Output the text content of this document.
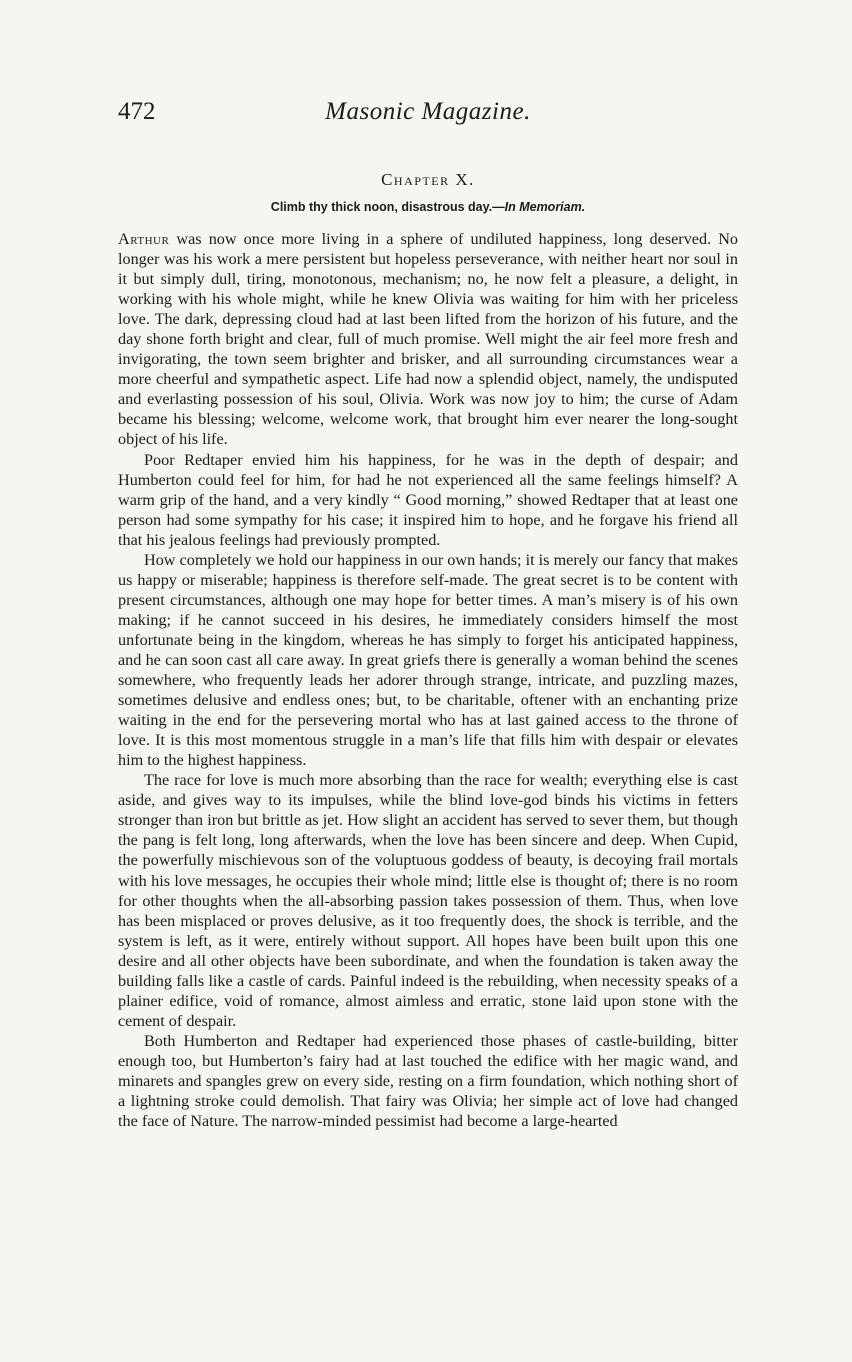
472	Masonic Magazine.
Chapter X.
Climb thy thick noon, disastrous day.—In Memoriam.

Arthur was now once more living in a sphere of undiluted happiness, long deserved. No longer was his work a mere persistent but hopeless perseverance, with neither heart nor soul in it but simply dull, tiring, monotonous, mechanism; no, he now felt a pleasure, a delight, in working with his whole might, while he knew Olivia was waiting for him with her priceless love. The dark, depressing cloud had at last been lifted from the horizon of his future, and the day shone forth bright and clear, full of much promise. Well might the air feel more fresh and invigorating, the town seem brighter and brisker, and all surrounding circumstances wear a more cheerful and sympathetic aspect. Life had now a splendid object, namely, the undisputed and everlasting possession of his soul, Olivia. Work was now joy to him; the curse of Adam became his blessing; welcome, welcome work, that brought him ever nearer the long-sought object of his life.

Poor Redtaper envied him his happiness, for he was in the depth of despair; and Humberton could feel for him, for had he not experienced all the same feelings himself? A warm grip of the hand, and a very kindly “ Good morning,” showed Redtaper that at least one person had some sympathy for his case; it inspired him to hope, and he forgave his friend all that his jealous feelings had previously prompted.

How completely we hold our happiness in our own hands; it is merely our fancy that makes us happy or miserable; happiness is therefore self-made. The great secret is to be content with present circumstances, although one may hope for better times. A man’s misery is of his own making; if he cannot succeed in his desires, he immediately considers himself the most unfortunate being in the kingdom, whereas he has simply to forget his anticipated happiness, and he can soon cast all care away. In great griefs there is generally a woman behind the scenes somewhere, who frequently leads her adorer through strange, intricate, and puzzling mazes, sometimes delusive and endless ones; but, to be charitable, oftener with an enchanting prize waiting in the end for the persevering mortal who has at last gained access to the throne of love. It is this most momentous struggle in a man’s life that fills him with despair or elevates him to the highest happiness.

The race for love is much more absorbing than the race for wealth; everything else is cast aside, and gives way to its impulses, while the blind love-god binds his victims in fetters stronger than iron but brittle as jet. How slight an accident has served to sever them, but though the pang is felt long, long afterwards, when the love has been sincere and deep. When Cupid, the powerfully mischievous son of the voluptuous goddess of beauty, is decoying frail mortals with his love messages, he occupies their whole mind; little else is thought of; there is no room for other thoughts when the all-absorbing passion takes possession of them. Thus, when love has been misplaced or proves delusive, as it too frequently does, the shock is terrible, and the system is left, as it were, entirely without support. All hopes have been built upon this one desire and all other objects have been subordinate, and when the foundation is taken away the building falls like a castle of cards. Painful indeed is the rebuilding, when necessity speaks of a plainer edifice, void of romance, almost aimless and erratic, stone laid upon stone with the cement of despair.

Both Humberton and Redtaper had experienced those phases of castle-building, bitter enough too, but Humberton’s fairy had at last touched the edifice with her magic wand, and minarets and spangles grew on every side, resting on a firm foundation, which nothing short of a lightning stroke could demolish. That fairy was Olivia; her simple act of love had changed the face of Nature. The narrow-minded pessimist had become a large-hearted
